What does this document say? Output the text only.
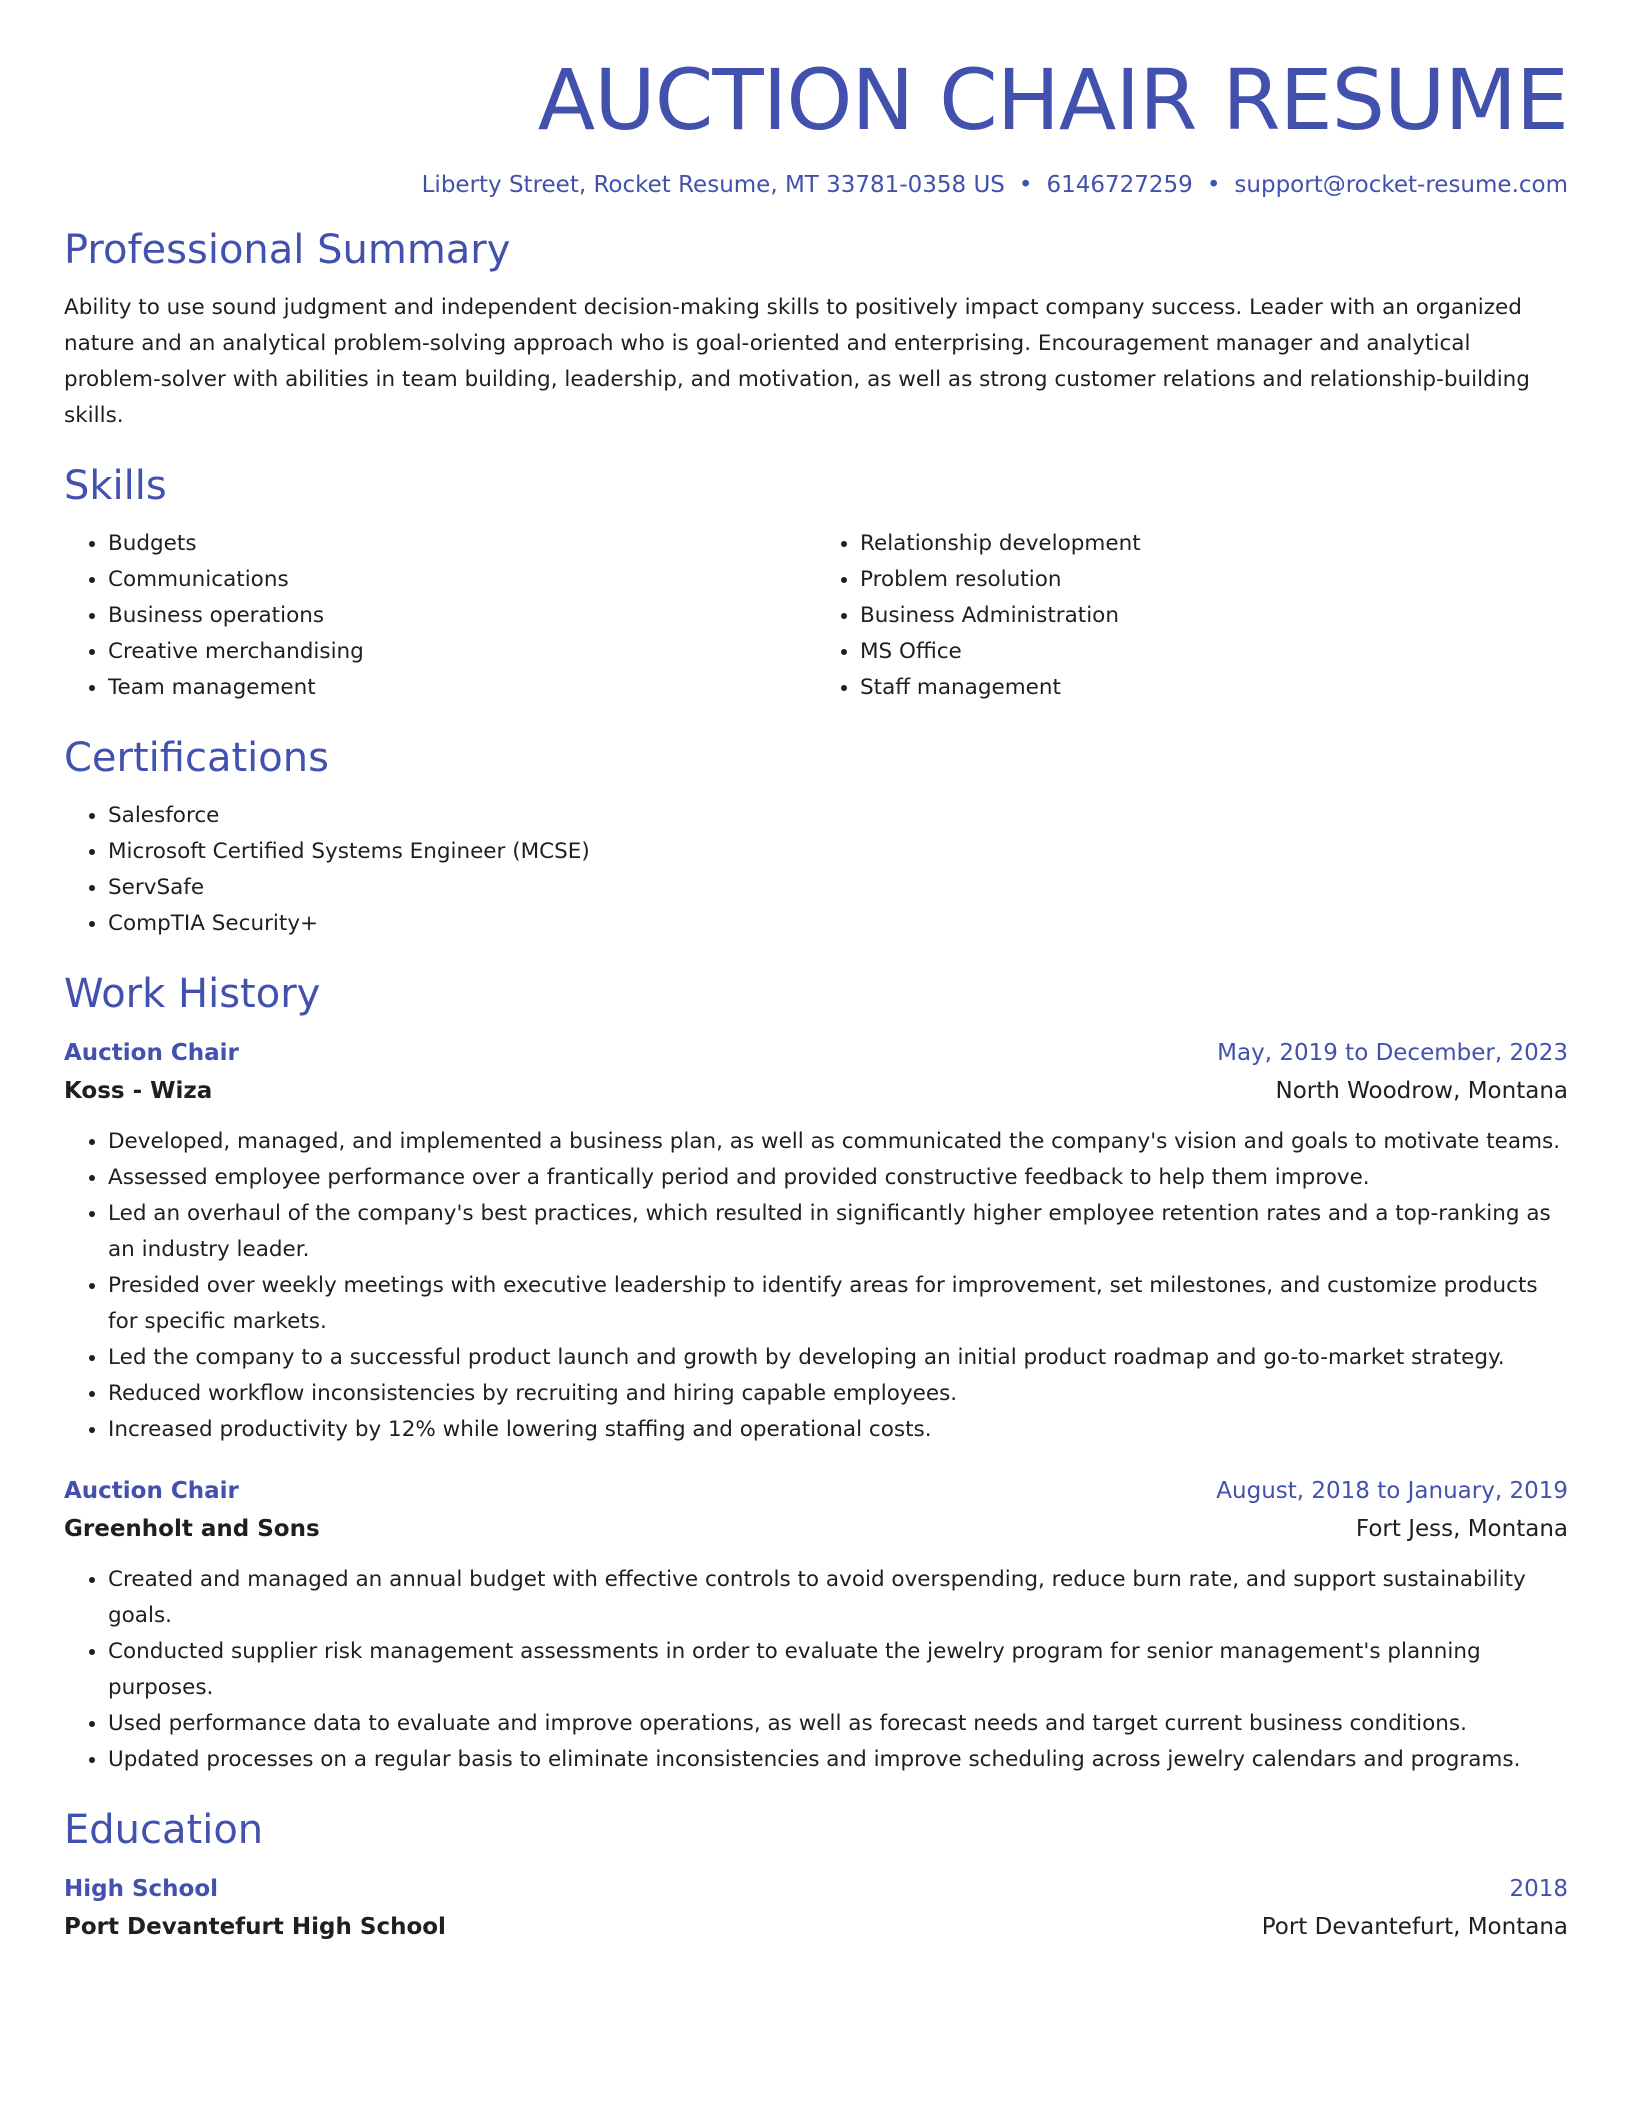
AUCTION CHAIR RESUME
Liberty Street, Rocket Resume, MT 33781-0358 US • 6146727259 • support@rocket-resume.com
Professional Summary

Ability to use sound judgment and independent decision-making skills to positively impact company success. Leader with an organized nature and an analytical problem-solving approach who is goal-oriented and enterprising. Encouragement manager and analytical problem-solver with abilities in team building, leadership, and motivation, as well as strong customer relations and relationship-building skills.

Skills
• Budgets
• Communications
• Business operations
• Creative merchandising
• Team management
• Relationship development
• Problem resolution
• Business Administration
• MS Office
• Staff management
Certifications
• Salesforce
• Microsoft Certified Systems Engineer (MCSE)
• ServSafe
• CompTIA Security+
Work History
Auction Chair	May, 2019 to December, 2023
Koss - Wiza	North Woodrow, Montana
• Developed, managed, and implemented a business plan, as well as communicated the company's vision and goals to motivate teams.
• Assessed employee performance over a frantically period and provided constructive feedback to help them improve.
• Led an overhaul of the company's best practices, which resulted in significantly higher employee retention rates and a top-ranking as an industry leader.
• Presided over weekly meetings with executive leadership to identify areas for improvement, set milestones, and customize products for specific markets.
• Led the company to a successful product launch and growth by developing an initial product roadmap and go-to-market strategy.
• Reduced workflow inconsistencies by recruiting and hiring capable employees.
• Increased productivity by 12% while lowering staffing and operational costs.
Auction Chair	August, 2018 to January, 2019
Greenholt and Sons	Fort Jess, Montana
• Created and managed an annual budget with effective controls to avoid overspending, reduce burn rate, and support sustainability goals.
• Conducted supplier risk management assessments in order to evaluate the jewelry program for senior management's planning purposes.
• Used performance data to evaluate and improve operations, as well as forecast needs and target current business conditions.
• Updated processes on a regular basis to eliminate inconsistencies and improve scheduling across jewelry calendars and programs.
Education
High School	2018
Port Devantefurt High School	Port Devantefurt, Montana
